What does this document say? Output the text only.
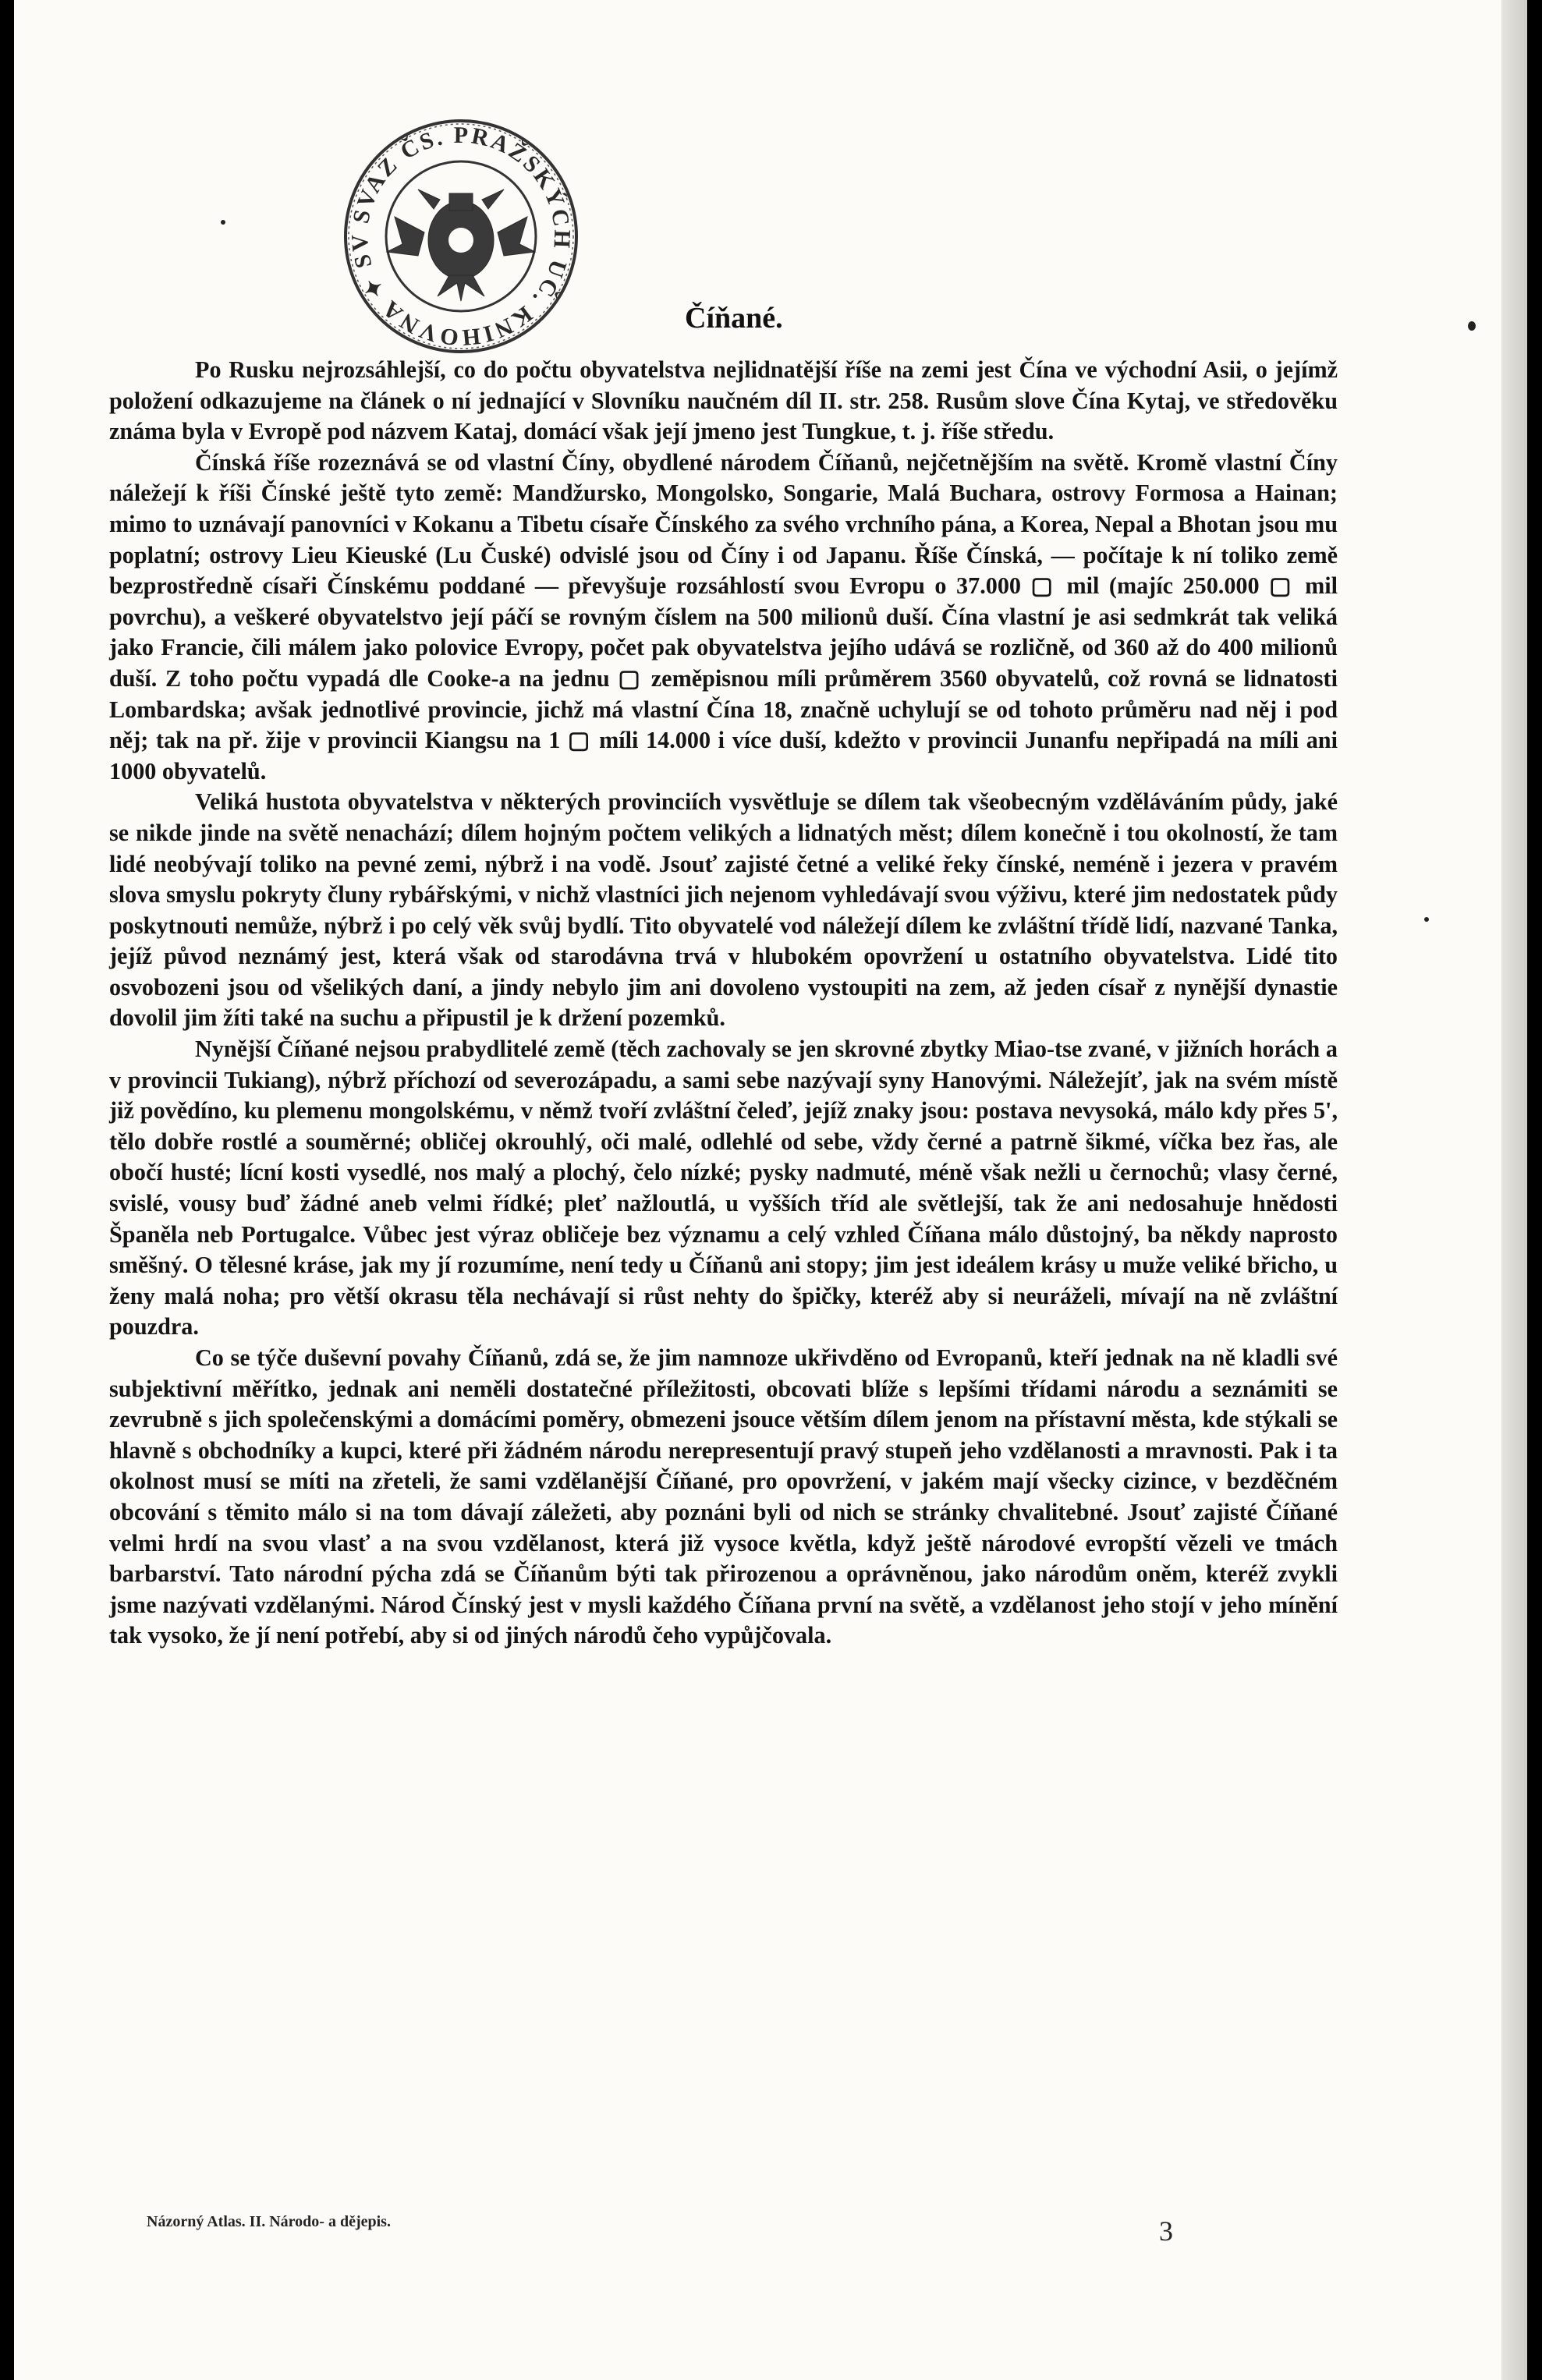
SVAZ ČS. PRAŽSKÝCH UČ. KNIHOVNA ✦ SV
Číňané.

Po Rusku nejrozsáhlejší, co do počtu obyvatelstva nejlidnatější říše na zemi jest Čína ve východní Asii, o jejímž položení odkazujeme na článek o ní jednající v Slovníku naučném díl II. str. 258. Rusům slove Čína Kytaj, ve středověku známa byla v Evropě pod názvem Kataj, domácí však její jmeno jest Tungkue, t. j. říše středu.

Čínská říše rozeznává se od vlastní Číny, obydlené národem Číňanů, nejčetnějším na světě. Kromě vlastní Číny náležejí k říši Čínské ještě tyto země: Mandžursko, Mongolsko, Songarie, Malá Buchara, ostrovy Formosa a Hainan; mimo to uznávají panovníci v Kokanu a Tibetu císaře Čínského za svého vrchního pána, a Korea, Nepal a Bhotan jsou mu poplatní; ostrovy Lieu Kieuské (Lu Čuské) odvislé jsou od Číny i od Japanu. Říše Čínská, — počítaje k ní toliko země bezprostředně císaři Čínskému poddané — převyšuje rozsáhlostí svou Evropu o 37.000 ▢ mil (majíc 250.000 ▢ mil povrchu), a veškeré obyvatelstvo její páčí se rovným číslem na 500 milionů duší. Čína vlastní je asi sedmkrát tak veliká jako Francie, čili málem jako polovice Evropy, počet pak obyvatelstva jejího udává se rozličně, od 360 až do 400 milionů duší. Z toho počtu vypadá dle Cooke-a na jednu ▢ zeměpisnou míli průměrem 3560 obyvatelů, což rovná se lidnatosti Lombardska; avšak jednotlivé provincie, jichž má vlastní Čína 18, značně uchylují se od tohoto průměru nad něj i pod něj; tak na př. žije v provincii Kiangsu na 1 ▢ míli 14.000 i více duší, kdežto v provincii Junanfu nepřipadá na míli ani 1000 obyvatelů.

Veliká hustota obyvatelstva v některých provinciích vysvětluje se dílem tak všeobecným vzděláváním půdy, jaké se nikde jinde na světě nenachází; dílem hojným počtem velikých a lidnatých měst; dílem konečně i tou okolností, že tam lidé neobývají toliko na pevné zemi, nýbrž i na vodě. Jsouť zajisté četné a veliké řeky čínské, neméně i jezera v pravém slova smyslu pokryty čluny rybářskými, v nichž vlastníci jich nejenom vyhledávají svou výživu, které jim nedostatek půdy poskytnouti nemůže, nýbrž i po celý věk svůj bydlí. Tito obyvatelé vod náležejí dílem ke zvláštní třídě lidí, nazvané Tanka, jejíž původ neznámý jest, která však od starodávna trvá v hlubokém opovržení u ostatního obyvatelstva. Lidé tito osvobozeni jsou od všelikých daní, a jindy nebylo jim ani dovoleno vystoupiti na zem, až jeden císař z nynější dynastie dovolil jim žíti také na suchu a připustil je k držení pozemků.

Nynější Číňané nejsou prabydlitelé země (těch zachovaly se jen skrovné zbytky Miao-tse zvané, v jižních horách a v provincii Tukiang), nýbrž příchozí od severozápadu, a sami sebe nazývají syny Hanovými. Náležejíť, jak na svém místě již povědíno, ku plemenu mongolskému, v němž tvoří zvláštní čeleď, jejíž znaky jsou: postava nevysoká, málo kdy přes 5', tělo dobře rostlé a souměrné; obličej okrouhlý, oči malé, odlehlé od sebe, vždy černé a patrně šikmé, víčka bez řas, ale obočí husté; lícní kosti vysedlé, nos malý a plochý, čelo nízké; pysky nadmuté, méně však nežli u černochů; vlasy černé, svislé, vousy buď žádné aneb velmi řídké; pleť nažloutlá, u vyšších tříd ale světlejší, tak že ani nedosahuje hnědosti Španěla neb Portugalce. Vůbec jest výraz obličeje bez významu a celý vzhled Číňana málo důstojný, ba někdy naprosto směšný. O tělesné kráse, jak my jí rozumíme, není tedy u Číňanů ani stopy; jim jest ideálem krásy u muže veliké břicho, u ženy malá noha; pro větší okrasu těla nechávají si růst nehty do špičky, kteréž aby si neuráželi, mívají na ně zvláštní pouzdra.

Co se týče duševní povahy Číňanů, zdá se, že jim namnoze ukřivděno od Evropanů, kteří jednak na ně kladli své subjektivní měřítko, jednak ani neměli dostatečné příležitosti, obcovati blíže s lepšími třídami národu a seznámiti se zevrubně s jich společenskými a domácími poměry, obmezeni jsouce větším dílem jenom na přístavní města, kde stýkali se hlavně s obchodníky a kupci, které při žádném národu nerepresentují pravý stupeň jeho vzdělanosti a mravnosti. Pak i ta okolnost musí se míti na zřeteli, že sami vzdělanější Číňané, pro opovržení, v jakém mají všecky cizince, v bezděčném obcování s těmito málo si na tom dávají záležeti, aby poznáni byli od nich se stránky chvalitebné. Jsouť zajisté Číňané velmi hrdí na svou vlasť a na svou vzdělanost, která již vysoce květla, když ještě národové evropští vězeli ve tmách barbarství. Tato národní pýcha zdá se Číňanům býti tak přirozenou a oprávněnou, jako národům oněm, kteréž zvykli jsme nazývati vzdělanými. Národ Čínský jest v mysli každého Číňana první na světě, a vzdělanost jeho stojí v jeho mínění tak vysoko, že jí není potřebí, aby si od jiných národů čeho vypůjčovala.

Názorný Atlas. II. Národo- a dějepis.	3
